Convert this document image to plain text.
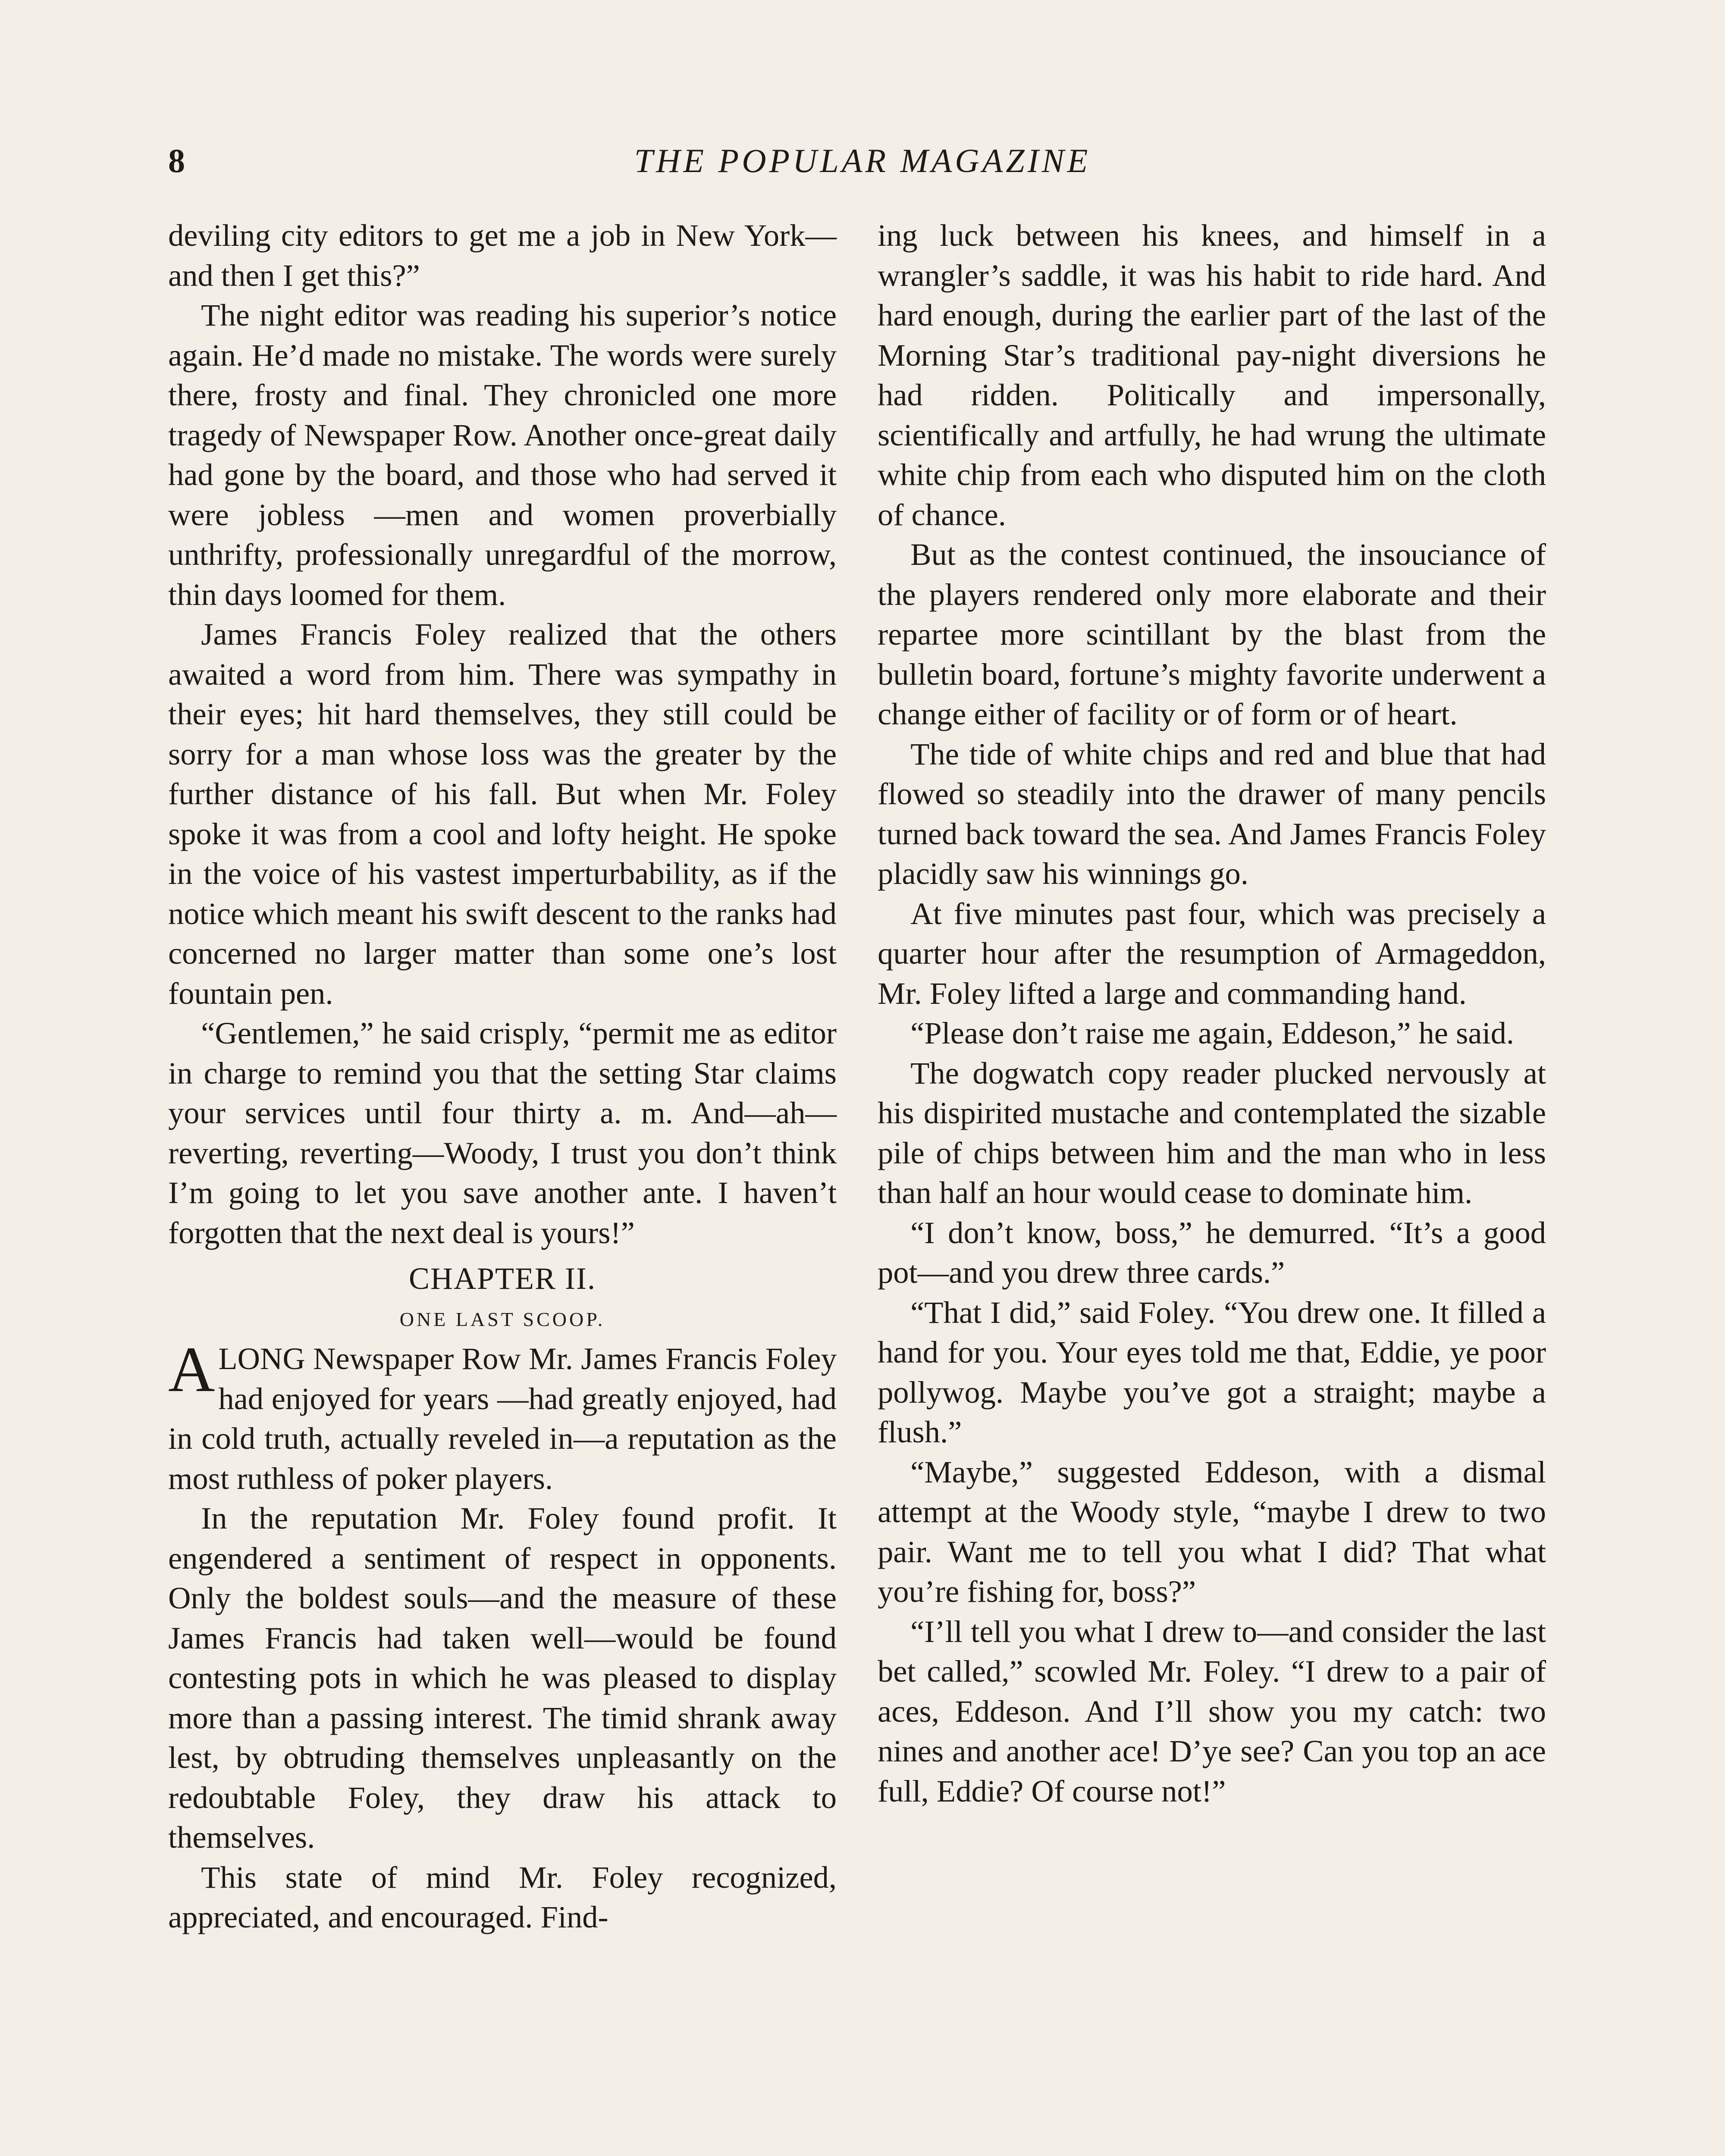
8	THE POPULAR MAGAZINE

deviling city editors to get me a job in New York—and then I get this?”

The night editor was reading his superior’s notice again. He’d made no mistake. The words were surely there, frosty and final. They chronicled one more tragedy of Newspaper Row. Another once-great daily had gone by the board, and those who had served it were jobless —men and women proverbially unthrifty, professionally unregardful of the morrow, thin days loomed for them.

James Francis Foley realized that the others awaited a word from him. There was sympathy in their eyes; hit hard themselves, they still could be sorry for a man whose loss was the greater by the further distance of his fall. But when Mr. Foley spoke it was from a cool and lofty height. He spoke in the voice of his vastest imperturbability, as if the notice which meant his swift descent to the ranks had concerned no larger matter than some one’s lost fountain pen.

“Gentlemen,” he said crisply, “permit me as editor in charge to remind you that the setting Star claims your services until four thirty a. m. And—ah—reverting, reverting—Woody, I trust you don’t think I’m going to let you save another ante. I haven’t forgotten that the next deal is yours!”

CHAPTER II.
ONE LAST SCOOP.

ALONG Newspaper Row Mr. James Francis Foley had enjoyed for years —had greatly enjoyed, had in cold truth, actually reveled in—a reputation as the most ruthless of poker players.

In the reputation Mr. Foley found profit. It engendered a sentiment of respect in opponents. Only the boldest souls—and the measure of these James Francis had taken well—would be found contesting pots in which he was pleased to display more than a passing interest. The timid shrank away lest, by obtruding themselves unpleasantly on the redoubtable Foley, they draw his attack to themselves.

This state of mind Mr. Foley recognized, appreciated, and encouraged. Find-

ing luck between his knees, and himself in a wrangler’s saddle, it was his habit to ride hard. And hard enough, during the earlier part of the last of the Morning Star’s traditional pay-night diversions he had ridden. Politically and impersonally, scientifically and artfully, he had wrung the ultimate white chip from each who disputed him on the cloth of chance.

But as the contest continued, the insouciance of the players rendered only more elaborate and their repartee more scintillant by the blast from the bulletin board, fortune’s mighty favorite underwent a change either of facility or of form or of heart.

The tide of white chips and red and blue that had flowed so steadily into the drawer of many pencils turned back toward the sea. And James Francis Foley placidly saw his winnings go.

At five minutes past four, which was precisely a quarter hour after the resumption of Armageddon, Mr. Foley lifted a large and commanding hand.

“Please don’t raise me again, Eddeson,” he said.

The dogwatch copy reader plucked nervously at his dispirited mustache and contemplated the sizable pile of chips between him and the man who in less than half an hour would cease to dominate him.

“I don’t know, boss,” he demurred. “It’s a good pot—and you drew three cards.”

“That I did,” said Foley. “You drew one. It filled a hand for you. Your eyes told me that, Eddie, ye poor pollywog. Maybe you’ve got a straight; maybe a flush.”

“Maybe,” suggested Eddeson, with a dismal attempt at the Woody style, “maybe I drew to two pair. Want me to tell you what I did? That what you’re fishing for, boss?”

“I’ll tell you what I drew to—and consider the last bet called,” scowled Mr. Foley. “I drew to a pair of aces, Eddeson. And I’ll show you my catch: two nines and another ace! D’ye see? Can you top an ace full, Eddie? Of course not!”
